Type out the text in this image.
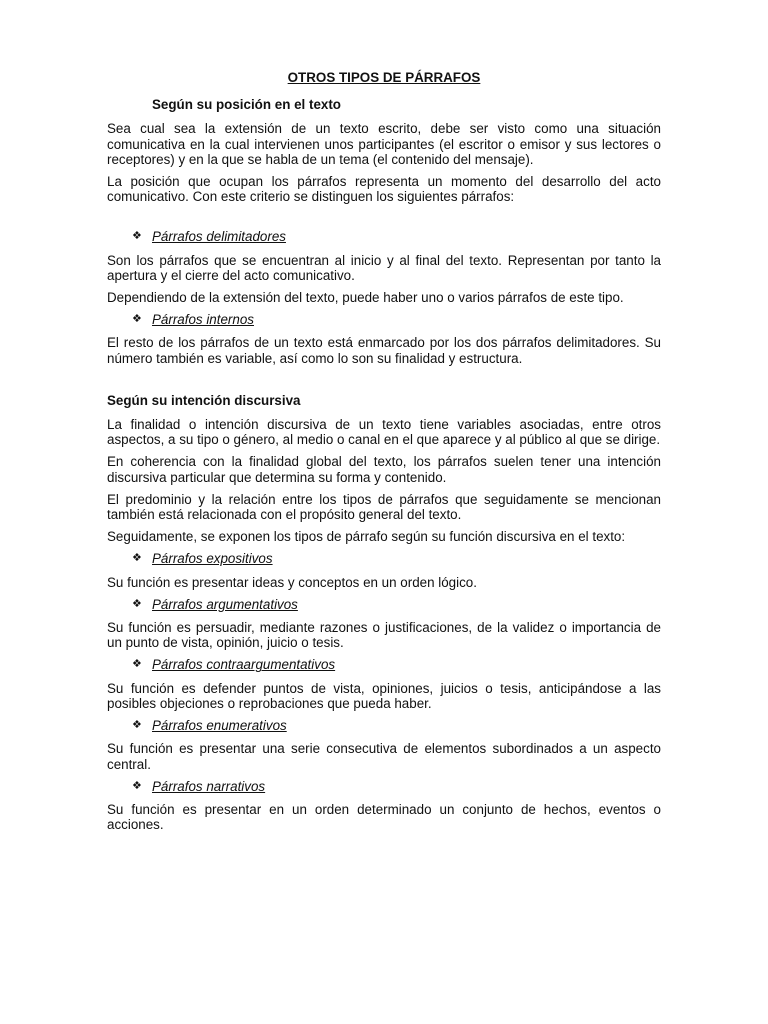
OTROS TIPOS DE PÁRRAFOS
Según su posición en el texto

Sea cual sea la extensión de un texto escrito, debe ser visto como una situación comunicativa en la cual intervienen unos participantes (el escritor o emisor y sus lectores o receptores) y en la que se habla de un tema (el contenido del mensaje).

La posición que ocupan los párrafos representa un momento del desarrollo del acto comunicativo. Con este criterio se distinguen los siguientes párrafos:

❖ Párrafos delimitadores

Son los párrafos que se encuentran al inicio y al final del texto. Representan por tanto la apertura y el cierre del acto comunicativo.

Dependiendo de la extensión del texto, puede haber uno o varios párrafos de este tipo.

❖ Párrafos internos

El resto de los párrafos de un texto está enmarcado por los dos párrafos delimitadores. Su número también es variable, así como lo son su finalidad y estructura.

Según su intención discursiva

La finalidad o intención discursiva de un texto tiene variables asociadas, entre otros aspectos, a su tipo o género, al medio o canal en el que aparece y al público al que se dirige.

En coherencia con la finalidad global del texto, los párrafos suelen tener una intención discursiva particular que determina su forma y contenido.

El predominio y la relación entre los tipos de párrafos que seguidamente se mencionan también está relacionada con el propósito general del texto.

Seguidamente, se exponen los tipos de párrafo según su función discursiva en el texto:

❖ Párrafos expositivos

Su función es presentar ideas y conceptos en un orden lógico.

❖ Párrafos argumentativos

Su función es persuadir, mediante razones o justificaciones, de la validez o importancia de un punto de vista, opinión, juicio o tesis.

❖ Párrafos contraargumentativos

Su función es defender puntos de vista, opiniones, juicios o tesis, anticipándose a las posibles objeciones o reprobaciones que pueda haber.

❖ Párrafos enumerativos

Su función es presentar una serie consecutiva de elementos subordinados a un aspecto central.

❖ Párrafos narrativos

Su función es presentar en un orden determinado un conjunto de hechos, eventos o acciones.
